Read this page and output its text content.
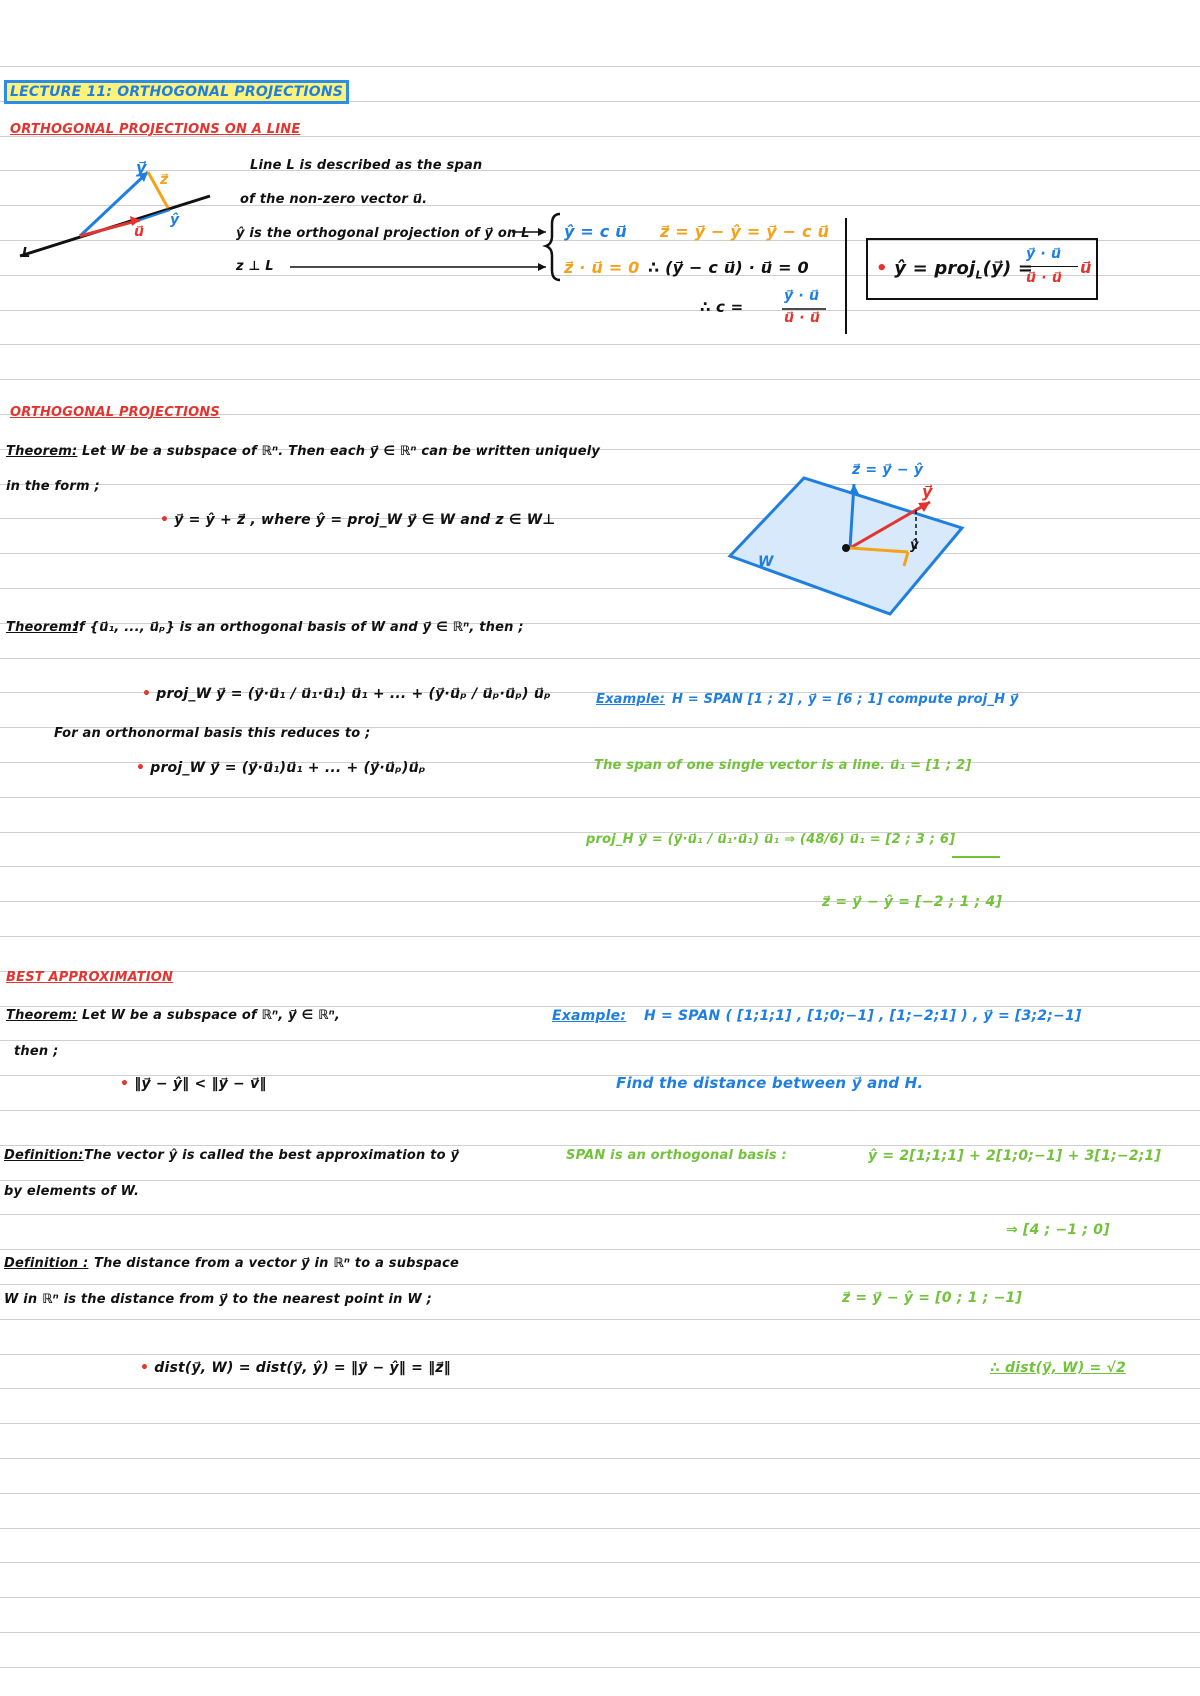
LECTURE 11: ORTHOGONAL PROJECTIONS
ORTHOGONAL PROJECTIONS ON A LINE
y⃗
z⃗
ŷ
u⃗
L
Line L is described as the span
of the non-zero vector u⃗.
ŷ is the orthogonal projection of y⃗ on L
z ⊥ L
ŷ = c u⃗ z⃗ = y⃗ − ŷ = y⃗ − c u⃗
z⃗ · u⃗ = 0 ∴ (y⃗ − c u⃗) · u⃗ = 0
∴ c =
y⃗ · u⃗
u⃗ · u⃗
• ŷ = proj$_L$(y⃗) =
y⃗ · u⃗
u⃗ · u⃗
u⃗
ORTHOGONAL PROJECTIONS
Theorem: Let W be a subspace of ℝⁿ. Then each y⃗ ∈ ℝⁿ can be written uniquely
in the form ;
• y⃗ = ŷ + z⃗ , where ŷ = proj_W y⃗ ∈ W and z ∈ W⊥
z⃗ = y⃗ − ŷ
y⃗
ŷ
W
Theorem:
If {u⃗₁, ..., u⃗ₚ} is an orthogonal basis of W and y⃗ ∈ ℝⁿ, then ;
• proj_W y⃗ = (y⃗·u⃗₁ / u⃗₁·u⃗₁) u⃗₁ + ... + (y⃗·u⃗ₚ / u⃗ₚ·u⃗ₚ) u⃗ₚ
For an orthonormal basis this reduces to ;
• proj_W y⃗ = (y⃗·u⃗₁)u⃗₁ + ... + (y⃗·u⃗ₚ)u⃗ₚ
Example: H = SPAN [1 ; 2] , y⃗ = [6 ; 1] compute proj_H y⃗
The span of one single vector is a line. u⃗₁ = [1 ; 2]
proj_H y⃗ = (y⃗·u⃗₁ / u⃗₁·u⃗₁) u⃗₁ ⇒ (48/6) u⃗₁ = [2 ; 3 ; 6]
z⃗ = y⃗ − ŷ = [−2 ; 1 ; 4]
BEST APPROXIMATION
Theorem: Let W be a subspace of ℝⁿ, y⃗ ∈ ℝⁿ,
then ;
• ‖y⃗ − ŷ‖ < ‖y⃗ − v⃗‖
Definition: The vector ŷ is called the best approximation to y⃗
by elements of W.
Definition : The distance from a vector y⃗ in ℝⁿ to a subspace
W in ℝⁿ is the distance from y⃗ to the nearest point in W ;
• dist(y⃗, W) = dist(y⃗, ŷ) = ‖y⃗ − ŷ‖ = ‖z⃗‖
Example: H = SPAN ( [1;1;1] , [1;0;−1] , [1;−2;1] ) , y⃗ = [3;2;−1]
Find the distance between y⃗ and H.
SPAN is an orthogonal basis :	ŷ = 2[1;1;1] + 2[1;0;−1] + 3[1;−2;1]
⇒ [4 ; −1 ; 0]
z⃗ = y⃗ − ŷ = [0 ; 1 ; −1]
∴ dist(y⃗, W) = √2
